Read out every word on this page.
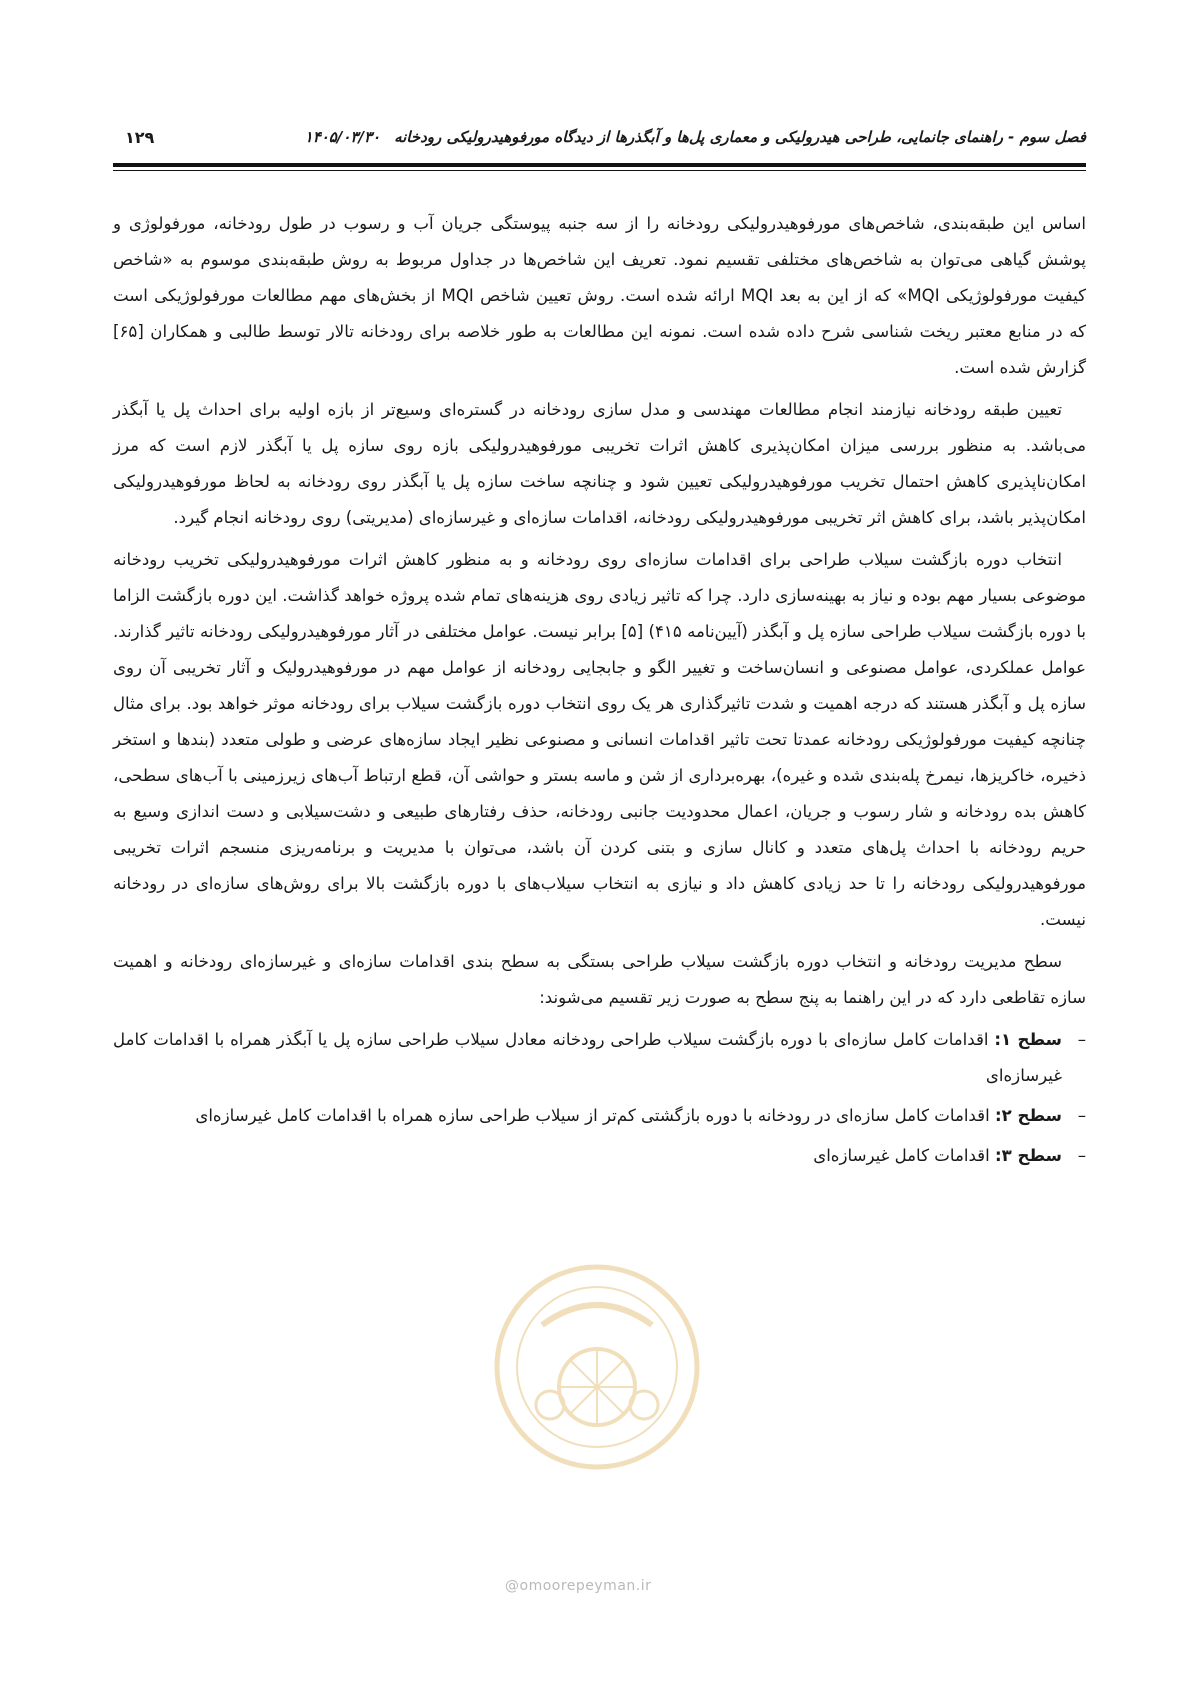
فصل سوم - راهنمای جانمایی، طراحی هیدرولیکی و معماری پل‌ها و آبگذرها از دیدگاه مورفوهیدرولیکی رودخانه۱۴۰۵/۰۳/۳۰
۱۲۹

اساس این طبقه‌بندی، شاخص‌های مورفوهیدرولیکی رودخانه را از سه جنبه پیوستگی جریان آب و رسوب در طول رودخانه، مورفولوژی و پوشش گیاهی می‌توان به شاخص‌های مختلفی تقسیم نمود. تعریف این شاخص‌ها در جداول مربوط به روش طبقه‌بندی موسوم به «شاخص کیفیت مورفولوژیکی MQI» که از این به بعد MQI ارائه شده است. روش تعیین شاخص MQI از بخش‌های مهم مطالعات مورفولوژیکی است که در منابع معتبر ریخت شناسی شرح داده شده است. نمونه این مطالعات به طور خلاصه برای رودخانه تالار توسط طالبی و همکاران [۶۵] گزارش شده است.

تعیین طبقه رودخانه نیازمند انجام مطالعات مهندسی و مدل سازی رودخانه در گستره‌ای وسیع‌تر از بازه اولیه برای احداث پل یا آبگذر می‌باشد. به منظور بررسی میزان امکان‌پذیری کاهش اثرات تخریبی مورفوهیدرولیکی بازه روی سازه پل یا آبگذر لازم است که مرز امکان‌ناپذیری کاهش احتمال تخریب مورفوهیدرولیکی تعیین شود و چنانچه ساخت سازه پل یا آبگذر روی رودخانه به لحاظ مورفوهیدرولیکی امکان‌پذیر باشد، برای کاهش اثر تخریبی مورفوهیدرولیکی رودخانه، اقدامات سازه‌ای و غیرسازه‌ای (مدیریتی) روی رودخانه انجام گیرد.

انتخاب دوره بازگشت سیلاب طراحی برای اقدامات سازه‌ای روی رودخانه و به منظور کاهش اثرات مورفوهیدرولیکی تخریب رودخانه موضوعی بسیار مهم بوده و نیاز به بهینه‌سازی دارد. چرا که تاثیر زیادی روی هزینه‌های تمام شده پروژه خواهد گذاشت. این دوره بازگشت الزاما با دوره بازگشت سیلاب طراحی سازه پل و آبگذر (آیین‌نامه ۴۱۵) [۵] برابر نیست. عوامل مختلفی در آثار مورفوهیدرولیکی رودخانه تاثیر گذارند. عوامل عملکردی، عوامل مصنوعی و انسان‌ساخت و تغییر الگو و جابجایی رودخانه از عوامل مهم در مورفوهیدرولیک و آثار تخریبی آن روی سازه پل و آبگذر هستند که درجه اهمیت و شدت تاثیرگذاری هر یک روی انتخاب دوره بازگشت سیلاب برای رودخانه موثر خواهد بود. برای مثال چنانچه کیفیت مورفولوژیکی رودخانه عمدتا تحت تاثیر اقدامات انسانی و مصنوعی نظیر ایجاد سازه‌های عرضی و طولی متعدد (بندها و استخر ذخیره، خاکریزها، نیمرخ پله‌بندی شده و غیره)، بهره‌برداری از شن و ماسه بستر و حواشی آن، قطع ارتباط آب‌های زیرزمینی با آب‌های سطحی، کاهش بده رودخانه و شار رسوب و جریان، اعمال محدودیت جانبی رودخانه، حذف رفتارهای طبیعی و دشت‌سیلابی و دست اندازی وسیع به حریم رودخانه با احداث پل‌های متعدد و کانال سازی و بتنی کردن آن باشد، می‌توان با مدیریت و برنامه‌ریزی منسجم اثرات تخریبی مورفوهیدرولیکی رودخانه را تا حد زیادی کاهش داد و نیازی به انتخاب سیلاب‌های با دوره بازگشت بالا برای روش‌های سازه‌ای در رودخانه نیست.

سطح مدیریت رودخانه و انتخاب دوره بازگشت سیلاب طراحی بستگی به سطح بندی اقدامات سازه‌ای و غیرسازه‌ای رودخانه و اهمیت سازه تقاطعی دارد که در این راهنما به پنج سطح به صورت زیر تقسیم می‌شوند:

–
سطح ۱: اقدامات کامل سازه‌ای با دوره بازگشت سیلاب طراحی رودخانه معادل سیلاب طراحی سازه پل یا آبگذر همراه با اقدامات کامل غیرسازه‌ای
–
سطح ۲: اقدامات کامل سازه‌ای در رودخانه با دوره بازگشتی کم‌تر از سیلاب طراحی سازه همراه با اقدامات کامل غیرسازه‌ای
–
سطح ۳: اقدامات کامل غیرسازه‌ای
@omoorepeyman.ir
